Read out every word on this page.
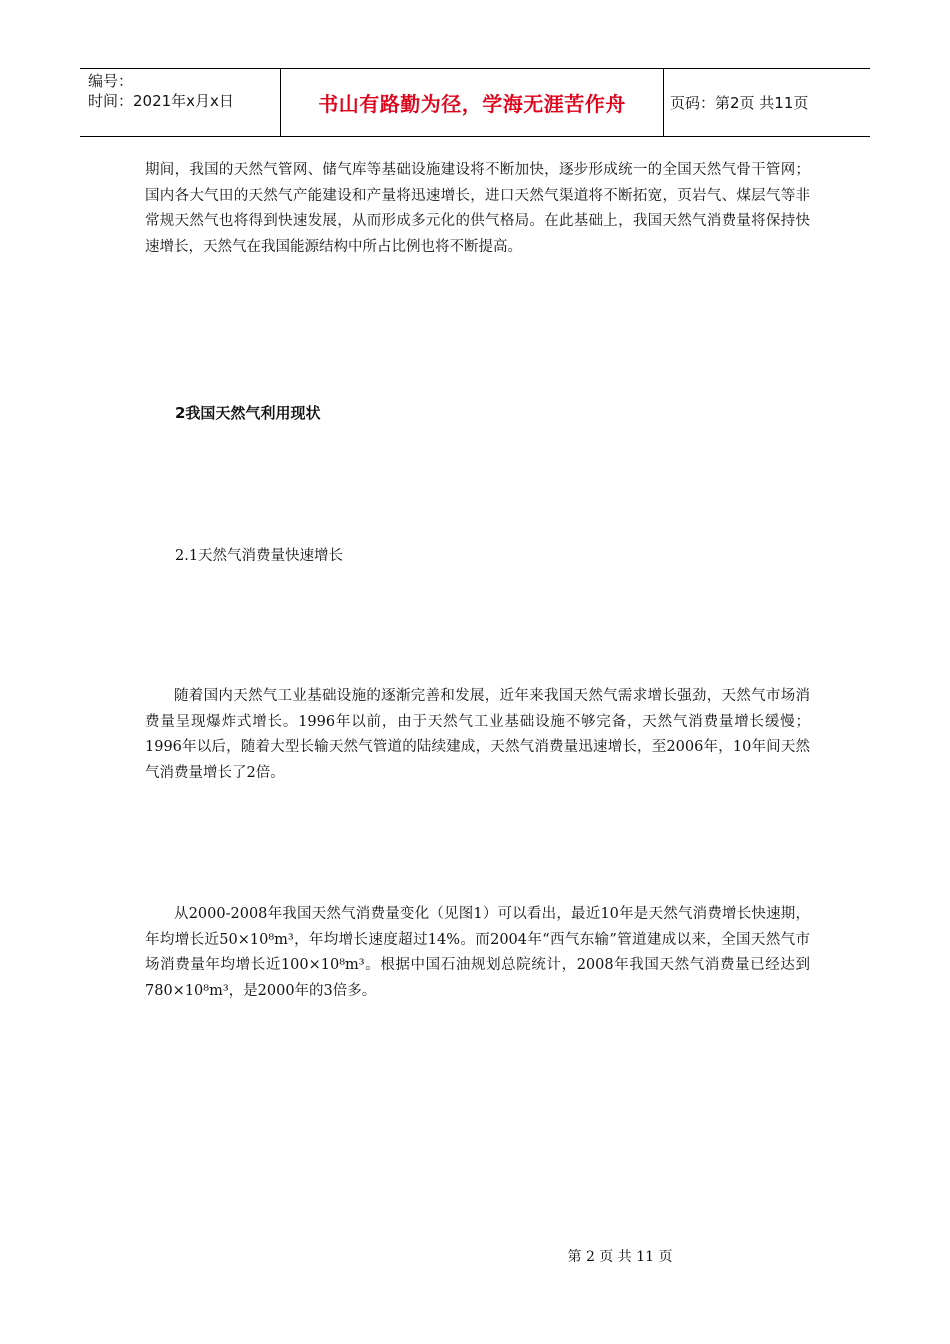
编号：
时间：2021年x月x日	书山有路勤为径，学海无涯苦作舟	页码：第2页 共11页
期间，我国的天然气管网、储气库等基础设施建设将不断加快，逐步形成统一的全国天然气骨干管网；国内各大气田的天然气产能建设和产量将迅速增长，进口天然气渠道将不断拓宽，页岩气、煤层气等非常规天然气也将得到快速发展，从而形成多元化的供气格局。在此基础上，我国天然气消费量将保持快速增长，天然气在我国能源结构中所占比例也将不断提高。
2我国天然气利用现状
2.1天然气消费量快速增长
随着国内天然气工业基础设施的逐渐完善和发展，近年来我国天然气需求增长强劲，天然气市场消费量呈现爆炸式增长。1996年以前，由于天然气工业基础设施不够完备，天然气消费量增长缓慢；1996年以后，随着大型长输天然气管道的陆续建成，天然气消费量迅速增长，至2006年，10年间天然气消费量增长了2倍。
从2000-2008年我国天然气消费量变化（见图1）可以看出，最近10年是天然气消费增长快速期，年均增长近50×10⁸m³，年均增长速度超过14%。而2004年“西气东输”管道建成以来，全国天然气市场消费量年均增长近100×10⁸m³。根据中国石油规划总院统计，2008年我国天然气消费量已经达到780×10⁸m³，是2000年的3倍多。
第 2 页 共 11 页
